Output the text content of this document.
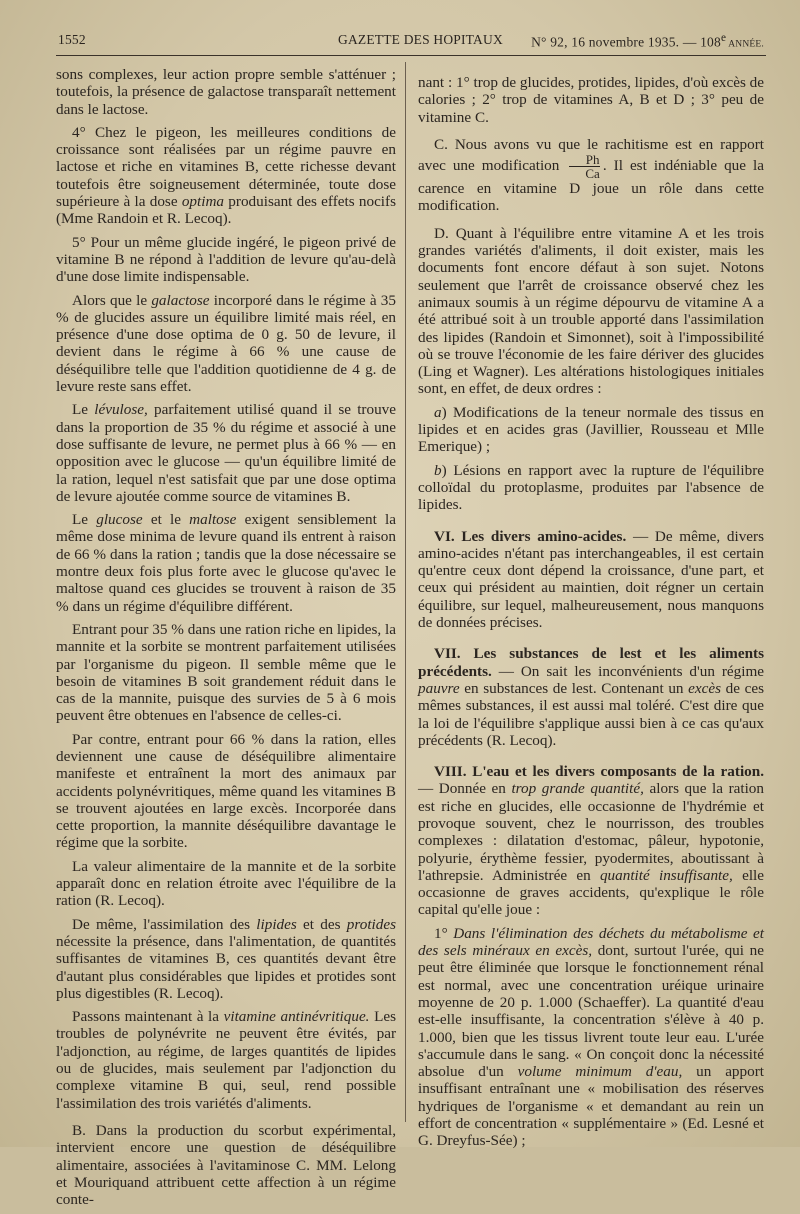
1552	GAZETTE DES HOPITAUX N° 92, 16 novembre 1935. — 108e ANNÉE.

sons complexes, leur action propre semble s'atténuer ; toutefois, la présence de galactose transparaît nettement dans le lactose.

4° Chez le pigeon, les meilleures conditions de croissance sont réalisées par un régime pauvre en lactose et riche en vitamines B, cette richesse devant toutefois être soigneusement déterminée, toute dose supérieure à la dose optima produisant des effets nocifs (Mme Randoin et R. Lecoq).

5° Pour un même glucide ingéré, le pigeon privé de vitamine B ne répond à l'addition de levure qu'au-delà d'une dose limite indispensable.

Alors que le galactose incorporé dans le régime à 35 % de glucides assure un équilibre limité mais réel, en présence d'une dose optima de 0 g. 50 de levure, il devient dans le régime à 66 % une cause de déséquilibre telle que l'addition quotidienne de 4 g. de levure reste sans effet.

Le lévulose, parfaitement utilisé quand il se trouve dans la proportion de 35 % du régime et associé à une dose suffisante de levure, ne permet plus à 66 % — en opposition avec le glucose — qu'un équilibre limité de la ration, lequel n'est satisfait que par une dose optima de levure ajoutée comme source de vitamines B.

Le glucose et le maltose exigent sensiblement la même dose minima de levure quand ils entrent à raison de 66 % dans la ration ; tandis que la dose nécessaire se montre deux fois plus forte avec le glucose qu'avec le maltose quand ces glucides se trouvent à raison de 35 % dans un régime d'équilibre différent.

Entrant pour 35 % dans une ration riche en lipides, la mannite et la sorbite se montrent parfaitement utilisées par l'organisme du pigeon. Il semble même que le besoin de vitamines B soit grandement réduit dans le cas de la mannite, puisque des survies de 5 à 6 mois peuvent être obtenues en l'absence de celles-ci.

Par contre, entrant pour 66 % dans la ration, elles deviennent une cause de déséquilibre alimentaire manifeste et entraînent la mort des animaux par accidents polynévritiques, même quand les vitamines B se trouvent ajoutées en large excès. Incorporée dans cette proportion, la mannite déséquilibre davantage le régime que la sorbite.

La valeur alimentaire de la mannite et de la sorbite apparaît donc en relation étroite avec l'équilibre de la ration (R. Lecoq).

De même, l'assimilation des lipides et des protides nécessite la présence, dans l'alimentation, de quantités suffisantes de vitamines B, ces quantités devant être d'autant plus considérables que lipides et protides sont plus digestibles (R. Lecoq).

Passons maintenant à la vitamine antinévritique. Les troubles de polynévrite ne peuvent être évités, par l'adjonction, au régime, de larges quantités de lipides ou de glucides, mais seulement par l'adjonction du complexe vitamine B qui, seul, rend possible l'assimilation des trois variétés d'aliments.

B. Dans la production du scorbut expérimental, intervient encore une question de déséquilibre alimentaire, associées à l'avitaminose C. MM. Lelong et Mouriquand attribuent cette affection à un régime conte-

nant : 1° trop de glucides, protides, lipides, d'où excès de calories ; 2° trop de vitamines A, B et D ; 3° peu de vitamine C.

C. Nous avons vu que le rachitisme est en rapport avec une modification $\frac{Ph}{Ca}$ . Il est indéniable que la carence en vitamine D joue un rôle dans cette modification.

D. Quant à l'équilibre entre vitamine A et les trois grandes variétés d'aliments, il doit exister, mais les documents font encore défaut à son sujet. Notons seulement que l'arrêt de croissance observé chez les animaux soumis à un régime dépourvu de vitamine A a été attribué soit à un trouble apporté dans l'assimilation des lipides (Randoin et Simonnet), soit à l'impossibilité où se trouve l'économie de les faire dériver des glucides (Ling et Wagner). Les altérations histologiques initiales sont, en effet, de deux ordres :

a) Modifications de la teneur normale des tissus en lipides et en acides gras (Javillier, Rousseau et Mlle Emerique) ;

b) Lésions en rapport avec la rupture de l'équilibre colloïdal du protoplasme, produites par l'absence de lipides.

VI. Les divers amino-acides. — De même, divers amino-acides n'étant pas interchangeables, il est certain qu'entre ceux dont dépend la croissance, d'une part, et ceux qui président au maintien, doit régner un certain équilibre, sur lequel, malheureusement, nous manquons de données précises.

VII. Les substances de lest et les aliments précédents. — On sait les inconvénients d'un régime pauvre en substances de lest. Contenant un excès de ces mêmes substances, il est aussi mal toléré. C'est dire que la loi de l'équilibre s'applique aussi bien à ce cas qu'aux précédents (R. Lecoq).

VIII. L'eau et les divers composants de la ration. — Donnée en trop grande quantité, alors que la ration est riche en glucides, elle occasionne de l'hydrémie et provoque souvent, chez le nourrisson, des troubles complexes : dilatation d'estomac, pâleur, hypotonie, polyurie, érythème fessier, pyodermites, aboutissant à l'athrepsie. Administrée en quantité insuffisante, elle occasionne de graves accidents, qu'explique le rôle capital qu'elle joue :

1° Dans l'élimination des déchets du métabolisme et des sels minéraux en excès, dont, surtout l'urée, qui ne peut être éliminée que lorsque le fonctionnement rénal est normal, avec une concentration uréique urinaire moyenne de 20 p. 1.000 (Schaeffer). La quantité d'eau est-elle insuffisante, la concentration s'élève à 40 p. 1.000, bien que les tissus livrent toute leur eau. L'urée s'accumule dans le sang. « On conçoit donc la nécessité absolue d'un volume minimum d'eau, un apport insuffisant entraînant une « mobilisation des réserves hydriques de l'organisme « et demandant au rein un effort de concentration « supplémentaire » (Ed. Lesné et G. Dreyfus-Sée) ;
